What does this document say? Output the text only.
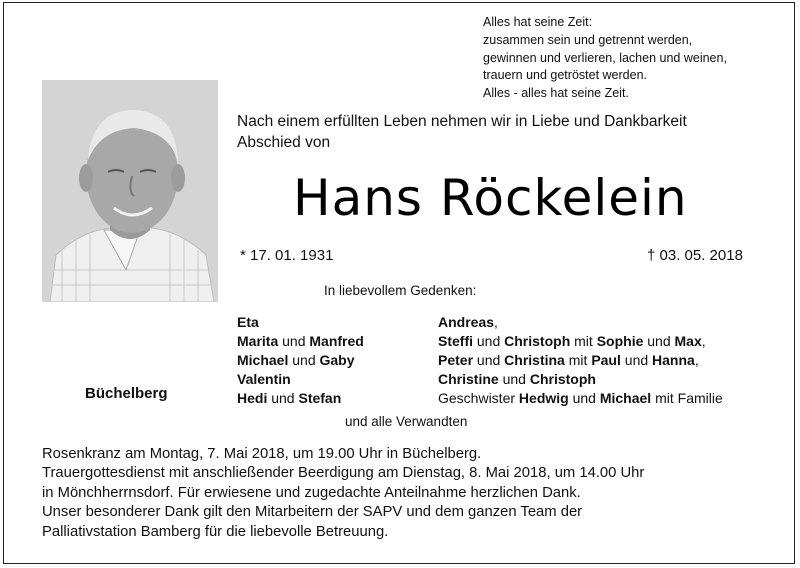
Alles hat seine Zeit:
zusammen sein und getrennt werden,
gewinnen und verlieren, lachen und weinen,
trauern und getröstet werden.
Alles - alles hat seine Zeit.
Nach einem erfüllten Leben nehmen wir in Liebe und Dankbarkeit
Abschied von
Hans Röckelein
* 17. 01. 1931	† 03. 05. 2018
In liebevollem Gedenken:
Büchelberg
Eta
Marita und Manfred
Michael und Gaby
Valentin
Hedi und Stefan
Andreas,
Steffi und Christoph mit Sophie und Max,
Peter und Christina mit Paul und Hanna,
Christine und Christoph
Geschwister Hedwig und Michael mit Familie
und alle Verwandten
Rosenkranz am Montag, 7. Mai 2018, um 19.00 Uhr in Büchelberg.
Trauergottesdienst mit anschließender Beerdigung am Dienstag, 8. Mai 2018, um 14.00 Uhr
in Mönchherrnsdorf. Für erwiesene und zugedachte Anteilnahme herzlichen Dank.
Unser besonderer Dank gilt den Mitarbeitern der SAPV und dem ganzen Team der
Palliativstation Bamberg für die liebevolle Betreuung.
